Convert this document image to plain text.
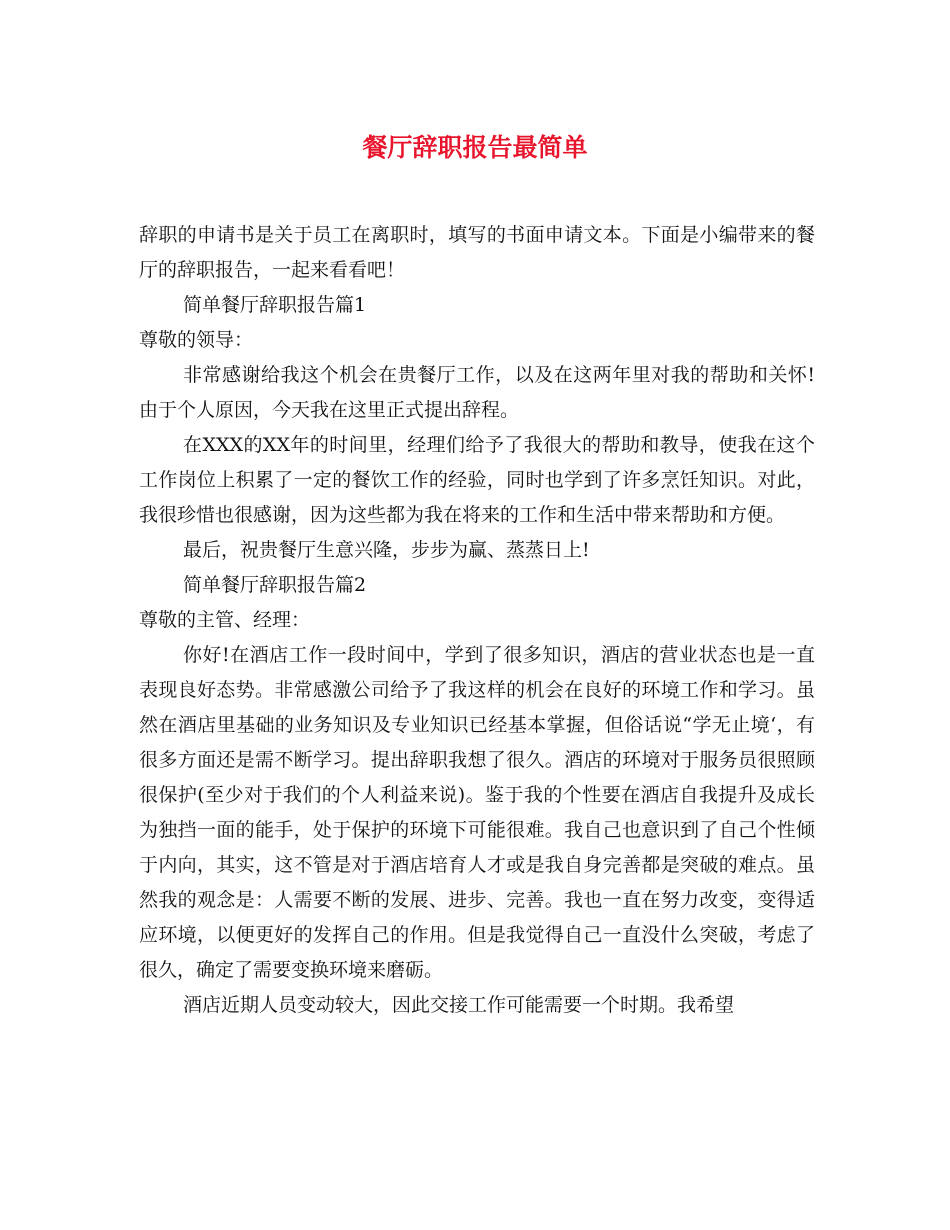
餐厅辞职报告最简单

辞职的申请书是关于员工在离职时，填写的书面申请文本。下面是小编带来的餐厅的辞职报告，一起来看看吧！

简单餐厅辞职报告篇1

尊敬的领导：

非常感谢给我这个机会在贵餐厅工作，以及在这两年里对我的帮助和关怀!由于个人原因，今天我在这里正式提出辞程。

在XXX的XX年的时间里，经理们给予了我很大的帮助和教导，使我在这个工作岗位上积累了一定的餐饮工作的经验，同时也学到了许多烹饪知识。对此，我很珍惜也很感谢，因为这些都为我在将来的工作和生活中带来帮助和方便。

最后，祝贵餐厅生意兴隆，步步为赢、蒸蒸日上!

简单餐厅辞职报告篇2

尊敬的主管、经理：

你好!在酒店工作一段时间中，学到了很多知识，酒店的营业状态也是一直表现良好态势。非常感激公司给予了我这样的机会在良好的环境工作和学习。虽然在酒店里基础的业务知识及专业知识已经基本掌握，但俗话说“学无止境‘，有很多方面还是需不断学习。提出辞职我想了很久。酒店的环境对于服务员很照顾很保护(至少对于我们的个人利益来说)。鉴于我的个性要在酒店自我提升及成长为独挡一面的能手，处于保护的环境下可能很难。我自己也意识到了自己个性倾于内向，其实，这不管是对于酒店培育人才或是我自身完善都是突破的难点。虽然我的观念是：人需要不断的发展、进步、完善。我也一直在努力改变，变得适应环境，以便更好的发挥自己的作用。但是我觉得自己一直没什么突破，考虑了很久，确定了需要变换环境来磨砺。

酒店近期人员变动较大，因此交接工作可能需要一个时期。我希望
